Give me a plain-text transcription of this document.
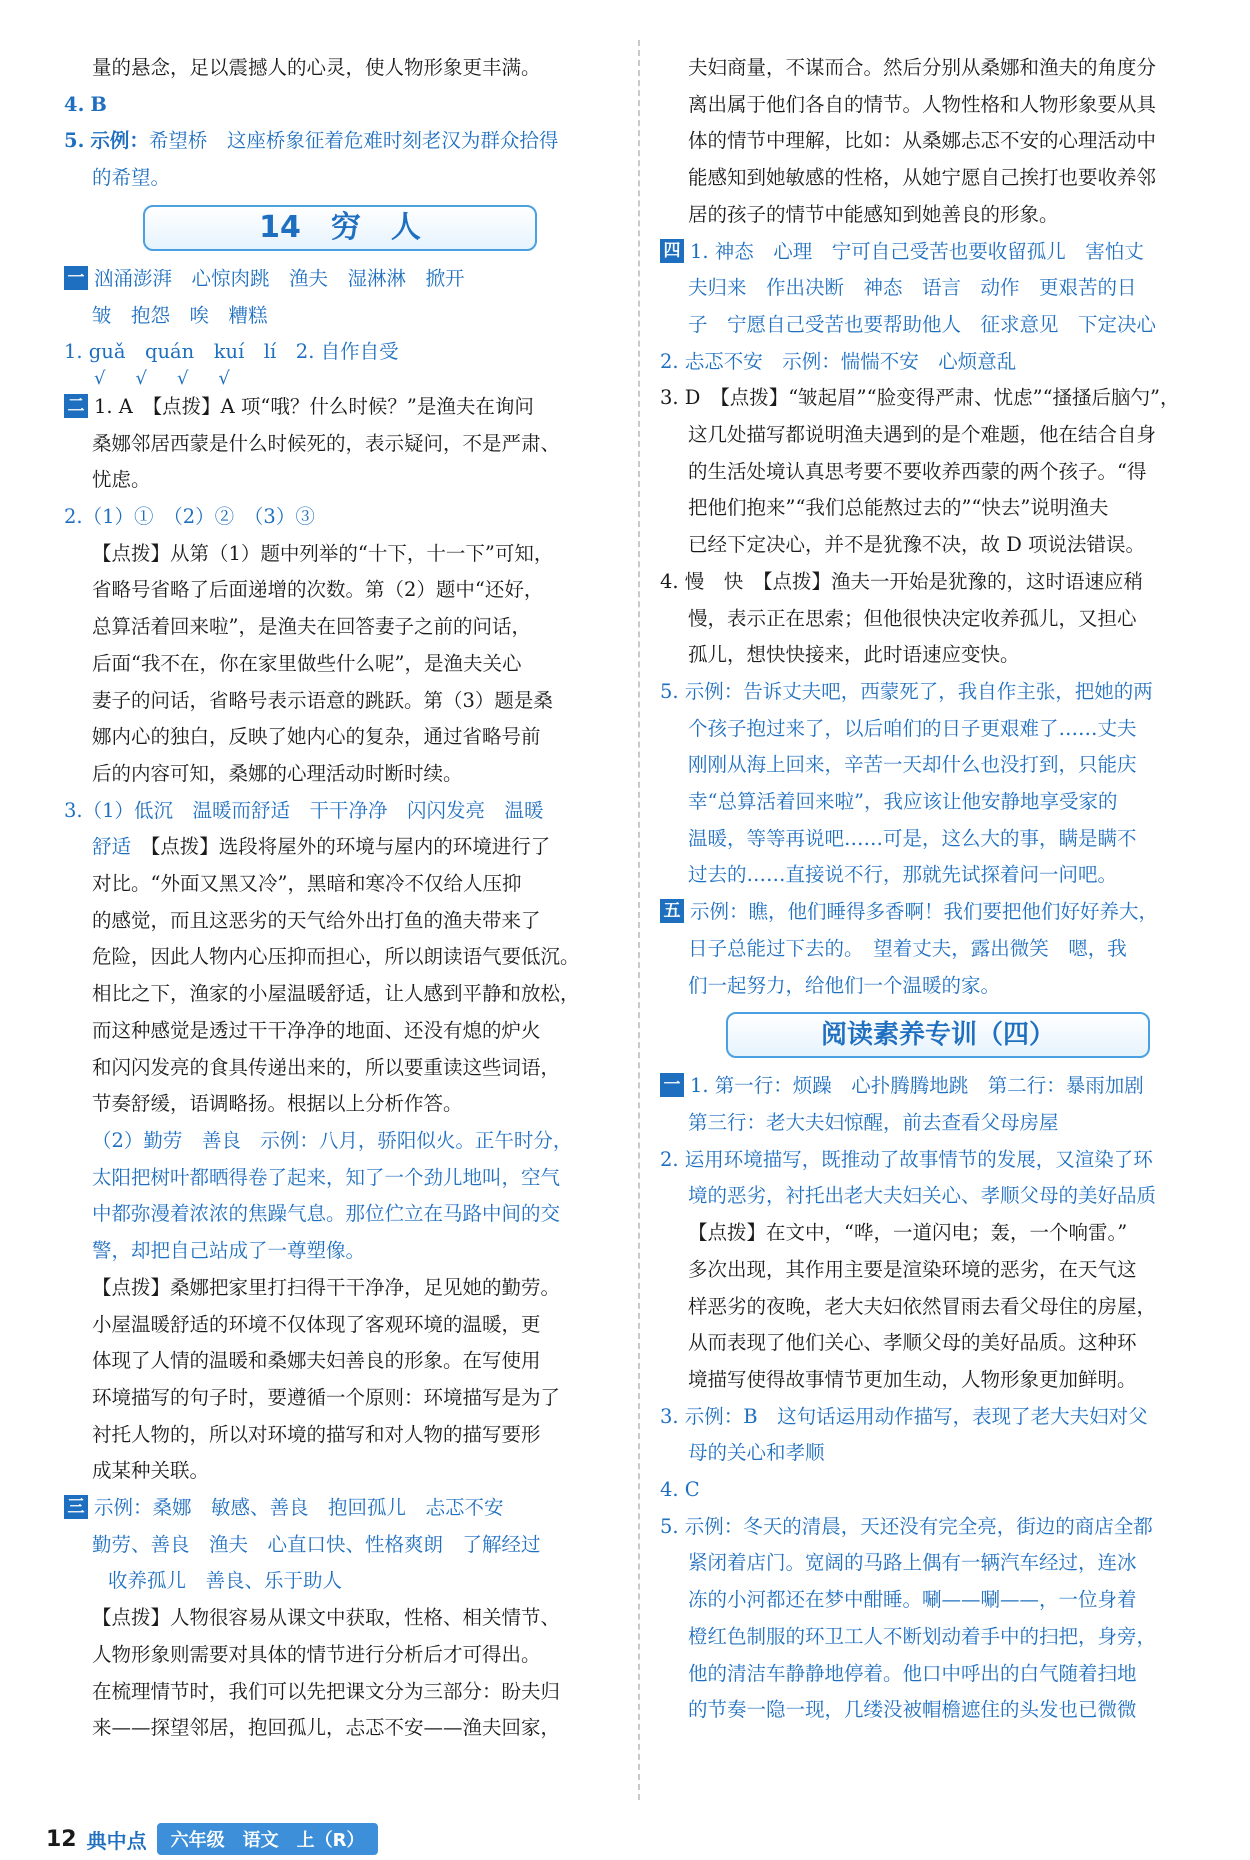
量的悬念，足以震撼人的心灵，使人物形象更丰满。
4. B
5. 示例：希望桥　这座桥象征着危难时刻老汉为群众拾得
的希望。
14　穷　人
一 汹涌澎湃　心惊肉跳　渔夫　湿淋淋　掀开
皱　抱怨　唉　糟糕
1. guǎ　quán　kuí　lí　2. 自作自受
√√√√
二 1. A　【点拨】A 项“哦？什么时候？”是渔夫在询问
桑娜邻居西蒙是什么时候死的，表示疑问，不是严肃、
忧虑。
2.（1）①　（2）②　（3）③
【点拨】从第（1）题中列举的“十下，十一下”可知，
省略号省略了后面递增的次数。第（2）题中“还好，
总算活着回来啦”，是渔夫在回答妻子之前的问话，
后面“我不在，你在家里做些什么呢”，是渔夫关心
妻子的问话，省略号表示语意的跳跃。第（3）题是桑
娜内心的独白，反映了她内心的复杂，通过省略号前
后的内容可知，桑娜的心理活动时断时续。
3.（1）低沉　温暖而舒适　干干净净　闪闪发亮　温暖
舒适　 【点拨】选段将屋外的环境与屋内的环境进行了
对比。“外面又黑又冷”，黑暗和寒冷不仅给人压抑
的感觉，而且这恶劣的天气给外出打鱼的渔夫带来了
危险，因此人物内心压抑而担心，所以朗读语气要低沉。
相比之下，渔家的小屋温暖舒适，让人感到平静和放松，
而这种感觉是透过干干净净的地面、还没有熄的炉火
和闪闪发亮的食具传递出来的，所以要重读这些词语，
节奏舒缓，语调略扬。根据以上分析作答。
（2）勤劳　善良　示例：八月，骄阳似火。正午时分，
太阳把树叶都晒得卷了起来，知了一个劲儿地叫，空气
中都弥漫着浓浓的焦躁气息。那位伫立在马路中间的交
警，却把自己站成了一尊塑像。
【点拨】桑娜把家里打扫得干干净净，足见她的勤劳。
小屋温暖舒适的环境不仅体现了客观环境的温暖，更
体现了人情的温暖和桑娜夫妇善良的形象。在写使用
环境描写的句子时，要遵循一个原则：环境描写是为了
衬托人物的，所以对环境的描写和对人物的描写要形
成某种关联。
三 示例：桑娜　敏感、善良　抱回孤儿　忐忑不安
勤劳、善良　渔夫　心直口快、性格爽朗　了解经过
收养孤儿　善良、乐于助人
【点拨】人物很容易从课文中获取，性格、相关情节、
人物形象则需要对具体的情节进行分析后才可得出。
在梳理情节时，我们可以先把课文分为三部分：盼夫归
来——探望邻居，抱回孤儿，忐忑不安——渔夫回家，
夫妇商量，不谋而合。然后分别从桑娜和渔夫的角度分
离出属于他们各自的情节。人物性格和人物形象要从具
体的情节中理解，比如：从桑娜忐忑不安的心理活动中
能感知到她敏感的性格，从她宁愿自己挨打也要收养邻
居的孩子的情节中能感知到她善良的形象。
四 1. 神态　心理　宁可自己受苦也要收留孤儿　害怕丈
夫归来　作出决断　神态　语言　动作　更艰苦的日
子　宁愿自己受苦也要帮助他人　征求意见　下定决心
2. 忐忑不安　示例：惴惴不安　心烦意乱
3. D　【点拨】“皱起眉”“脸变得严肃、忧虑”“搔搔后脑勺”，
这几处描写都说明渔夫遇到的是个难题，他在结合自身
的生活处境认真思考要不要收养西蒙的两个孩子。“得
把他们抱来”“我们总能熬过去的”“快去”说明渔夫
已经下定决心，并不是犹豫不决，故 D 项说法错误。
4. 慢　快　【点拨】渔夫一开始是犹豫的，这时语速应稍
慢，表示正在思索；但他很快决定收养孤儿，又担心
孤儿，想快快接来，此时语速应变快。
5. 示例：告诉丈夫吧，西蒙死了，我自作主张，把她的两
个孩子抱过来了，以后咱们的日子更艰难了……丈夫
刚刚从海上回来，辛苦一天却什么也没打到，只能庆
幸“总算活着回来啦”，我应该让他安静地享受家的
温暖，等等再说吧……可是，这么大的事，瞒是瞒不
过去的……直接说不行，那就先试探着问一问吧。
五 示例：瞧，他们睡得多香啊！我们要把他们好好养大，
日子总能过下去的。　望着丈夫，露出微笑　嗯，我
们一起努力，给他们一个温暖的家。
阅读素养专训（四）
一 1. 第一行：烦躁　心扑腾腾地跳　第二行：暴雨加剧
第三行：老大夫妇惊醒，前去查看父母房屋
2. 运用环境描写，既推动了故事情节的发展，又渲染了环
境的恶劣，衬托出老大夫妇关心、孝顺父母的美好品质
【点拨】在文中，“哗，一道闪电；轰，一个响雷。”
多次出现，其作用主要是渲染环境的恶劣，在天气这
样恶劣的夜晚，老大夫妇依然冒雨去看父母住的房屋，
从而表现了他们关心、孝顺父母的美好品质。这种环
境描写使得故事情节更加生动，人物形象更加鲜明。
3. 示例：B　这句话运用动作描写，表现了老大夫妇对父
母的关心和孝顺
4. C
5. 示例：冬天的清晨，天还没有完全亮，街边的商店全都
紧闭着店门。宽阔的马路上偶有一辆汽车经过，连冰
冻的小河都还在梦中酣睡。唰——唰——，一位身着
橙红色制服的环卫工人不断划动着手中的扫把，身旁，
他的清洁车静静地停着。他口中呼出的白气随着扫地
的节奏一隐一现，几缕没被帽檐遮住的头发也已微微
12 典中点	六年级　语文　上（R）
